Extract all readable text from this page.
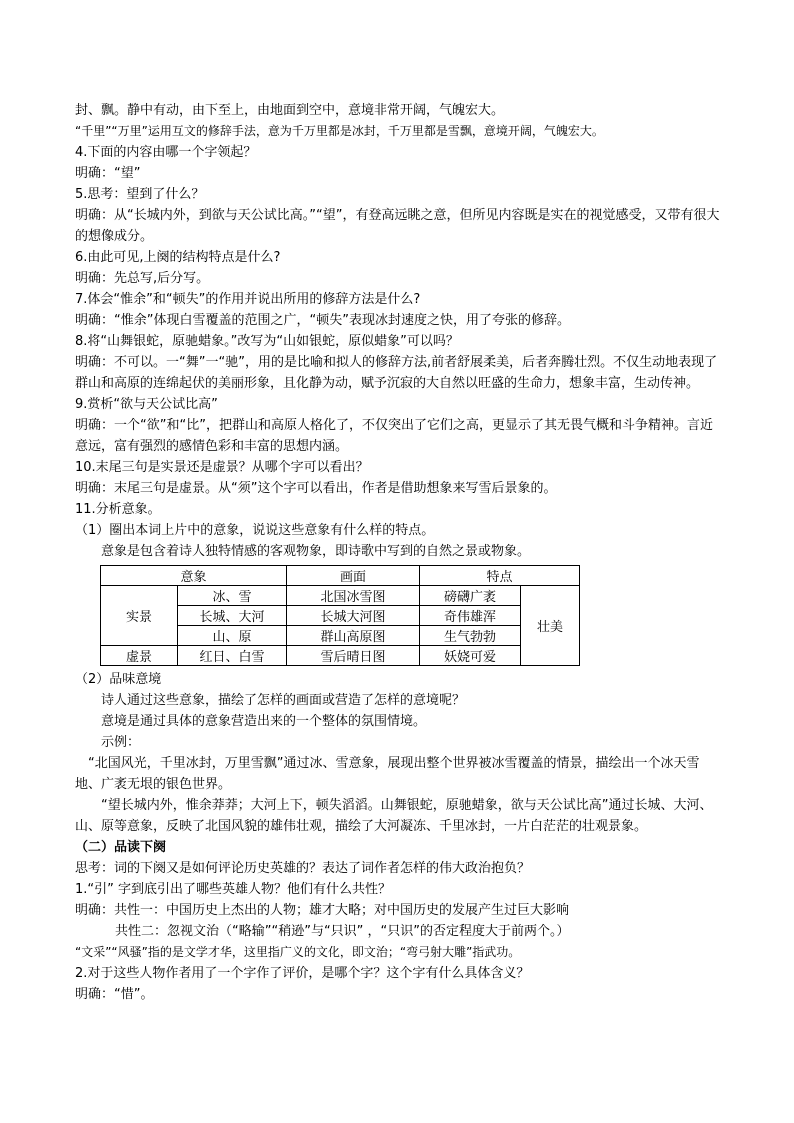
封、飘。静中有动，由下至上，由地面到空中，意境非常开阔，气魄宏大。

“千里”“万里”运用互文的修辞手法，意为千万里都是冰封，千万里都是雪飘，意境开阔，气魄宏大。

4.下面的内容由哪一个字领起？

明确：“望”

5.思考：望到了什么？

明确：从“长城内外，到欲与天公试比高。”“望”，有登高远眺之意，但所见内容既是实在的视觉感受，又带有很大的想像成分。

6.由此可见,上阕的结构特点是什么?

明确：先总写,后分写。

7.体会“惟余”和“顿失”的作用并说出所用的修辞方法是什么?

明确：“惟余”体现白雪覆盖的范围之广，“顿失”表现冰封速度之快，用了夸张的修辞。

8.将“山舞银蛇，原驰蜡象。”改写为“山如银蛇，原似蜡象”可以吗？

明确：不可以。一“舞”一“驰”，用的是比喻和拟人的修辞方法,前者舒展柔美，后者奔腾壮烈。不仅生动地表现了群山和高原的连绵起伏的美丽形象，且化静为动，赋予沉寂的大自然以旺盛的生命力，想象丰富，生动传神。

9.赏析“欲与天公试比高”

明确：一个“欲”和“比”，把群山和高原人格化了，不仅突出了它们之高，更显示了其无畏气概和斗争精神。言近意远，富有强烈的感情色彩和丰富的思想内涵。

10.末尾三句是实景还是虚景？从哪个字可以看出？

明确：末尾三句是虚景。从“须”这个字可以看出，作者是借助想象来写雪后景象的。

11.分析意象。

（1）圈出本词上片中的意象，说说这些意象有什么样的特点。

意象是包含着诗人独特情感的客观物象，即诗歌中写到的自然之景或物象。

意象		画面	特点	
实景	冰、雪	北国冰雪图	磅礴广袤	壮美
	长城、大河	长城大河图	奇伟雄浑	
	山、原	群山高原图	生气勃勃	
虚景	红日、白雪	雪后晴日图	妖娆可爱	

（2）品味意境

诗人通过这些意象，描绘了怎样的画面或营造了怎样的意境呢？

意境是通过具体的意象营造出来的一个整体的氛围情境。

示例：

“北国风光，千里冰封，万里雪飘”通过冰、雪意象，展现出整个世界被冰雪覆盖的情景，描绘出一个冰天雪地、广袤无垠的银色世界。

“望长城内外，惟余莽莽；大河上下，顿失滔滔。山舞银蛇，原驰蜡象，欲与天公试比高”通过长城、大河、山、原等意象，反映了北国风貌的雄伟壮观，描绘了大河凝冻、千里冰封，一片白茫茫的壮观景象。

（二）品读下阕

思考：词的下阕又是如何评论历史英雄的？表达了词作者怎样的伟大政治抱负？

1.“引” 字到底引出了哪些英雄人物？他们有什么共性？

明确：共性一：中国历史上杰出的人物；雄才大略；对中国历史的发展产生过巨大影响

共性二：忽视文治（“略输”“稍逊”与“只识” ，“只识”的否定程度大于前两个。）

“文采”“风骚”指的是文学才华，这里指广义的文化，即文治；“弯弓射大雕”指武功。

2.对于这些人物作者用了一个字作了评价，是哪个字？这个字有什么具体含义？

明确：“惜”。
